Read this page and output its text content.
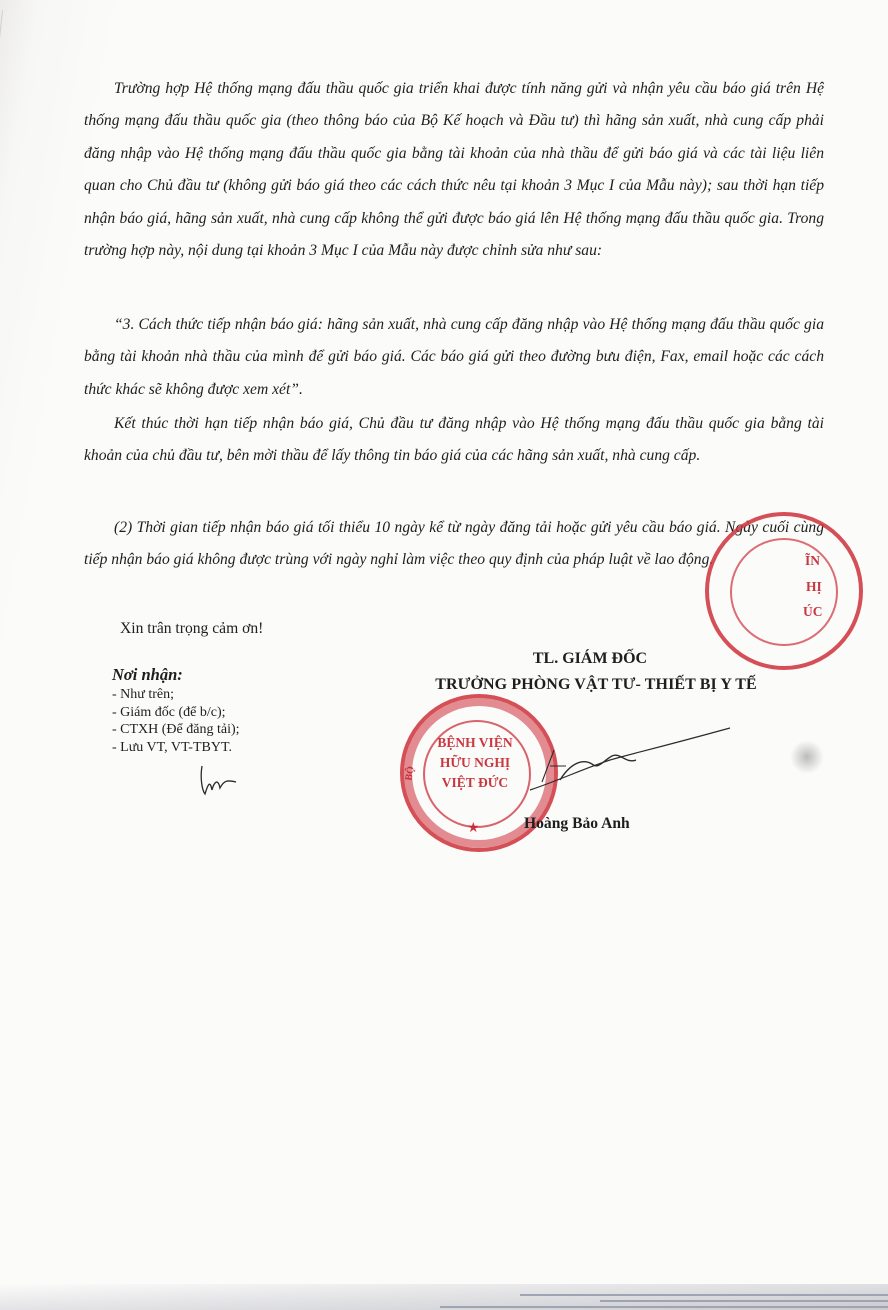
Trường hợp Hệ thống mạng đấu thầu quốc gia triển khai được tính năng gửi và nhận yêu cầu báo giá trên Hệ thống mạng đấu thầu quốc gia (theo thông báo của Bộ Kế hoạch và Đầu tư) thì hãng sản xuất, nhà cung cấp phải đăng nhập vào Hệ thống mạng đấu thầu quốc gia bằng tài khoản của nhà thầu để gửi báo giá và các tài liệu liên quan cho Chủ đầu tư (không gửi báo giá theo các cách thức nêu tại khoản 3 Mục I của Mẫu này); sau thời hạn tiếp nhận báo giá, hãng sản xuất, nhà cung cấp không thể gửi được báo giá lên Hệ thống mạng đấu thầu quốc gia. Trong trường hợp này, nội dung tại khoản 3 Mục I của Mẫu này được chỉnh sửa như sau:

“3. Cách thức tiếp nhận báo giá: hãng sản xuất, nhà cung cấp đăng nhập vào Hệ thống mạng đấu thầu quốc gia bằng tài khoản nhà thầu của mình để gửi báo giá. Các báo giá gửi theo đường bưu điện, Fax, email hoặc các cách thức khác sẽ không được xem xét”.

Kết thúc thời hạn tiếp nhận báo giá, Chủ đầu tư đăng nhập vào Hệ thống mạng đấu thầu quốc gia bằng tài khoản của chủ đầu tư, bên mời thầu để lấy thông tin báo giá của các hãng sản xuất, nhà cung cấp.

(2) Thời gian tiếp nhận báo giá tối thiểu 10 ngày kể từ ngày đăng tải hoặc gửi yêu cầu báo giá. Ngày cuối cùng tiếp nhận báo giá không được trùng với ngày nghỉ làm việc theo quy định của pháp luật về lao động.	ĨN
HỊ
ÚC
Xin trân trọng cảm ơn!
Nơi nhận:
- Như trên;
- Giám đốc (để b/c);
- CTXH (Để đăng tải);
- Lưu VT, VT-TBYT.
TL. GIÁM ĐỐC
TRƯỞNG PHÒNG VẬT TƯ- THIẾT BỊ Y TẾ
BỆNH VIỆN
HỮU NGHỊ
VIỆT ĐỨC
BỘ
★	Hoàng Bảo Anh
